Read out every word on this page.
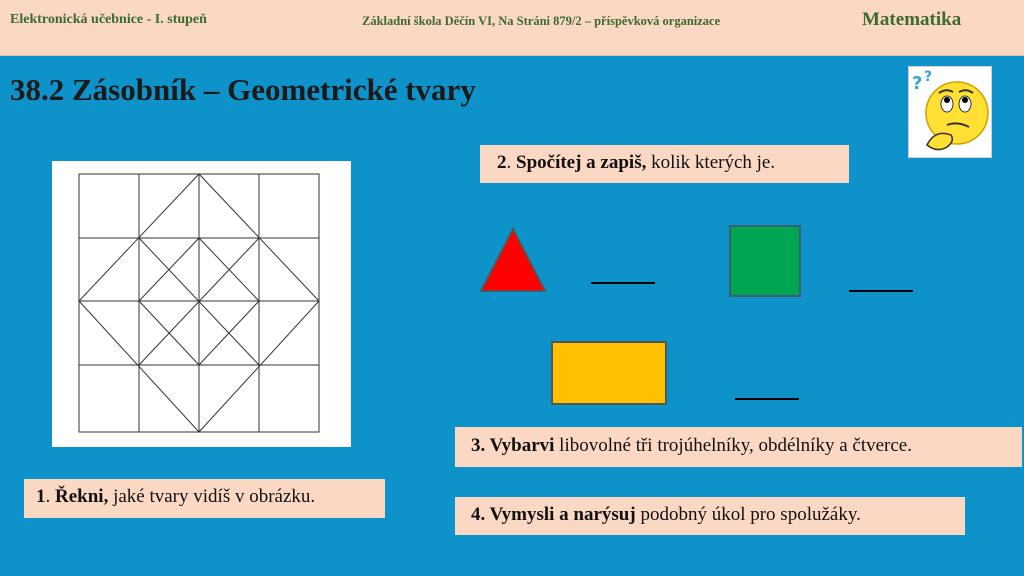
Elektronická učebnice - I. stupeň	Základní škola Děčín VI, Na Stráni 879/2 – příspěvková organizace	Matematika
38.2 Zásobník – Geometrické tvary	? ?
2. Spočítej a zapiš, kolik kterých je.
3. Vybarvi libovolné tři trojúhelníky, obdélníky a čtverce.
1. Řekni, jaké tvary vidíš v obrázku.
4. Vymysli a narýsuj podobný úkol pro spolužáky.
